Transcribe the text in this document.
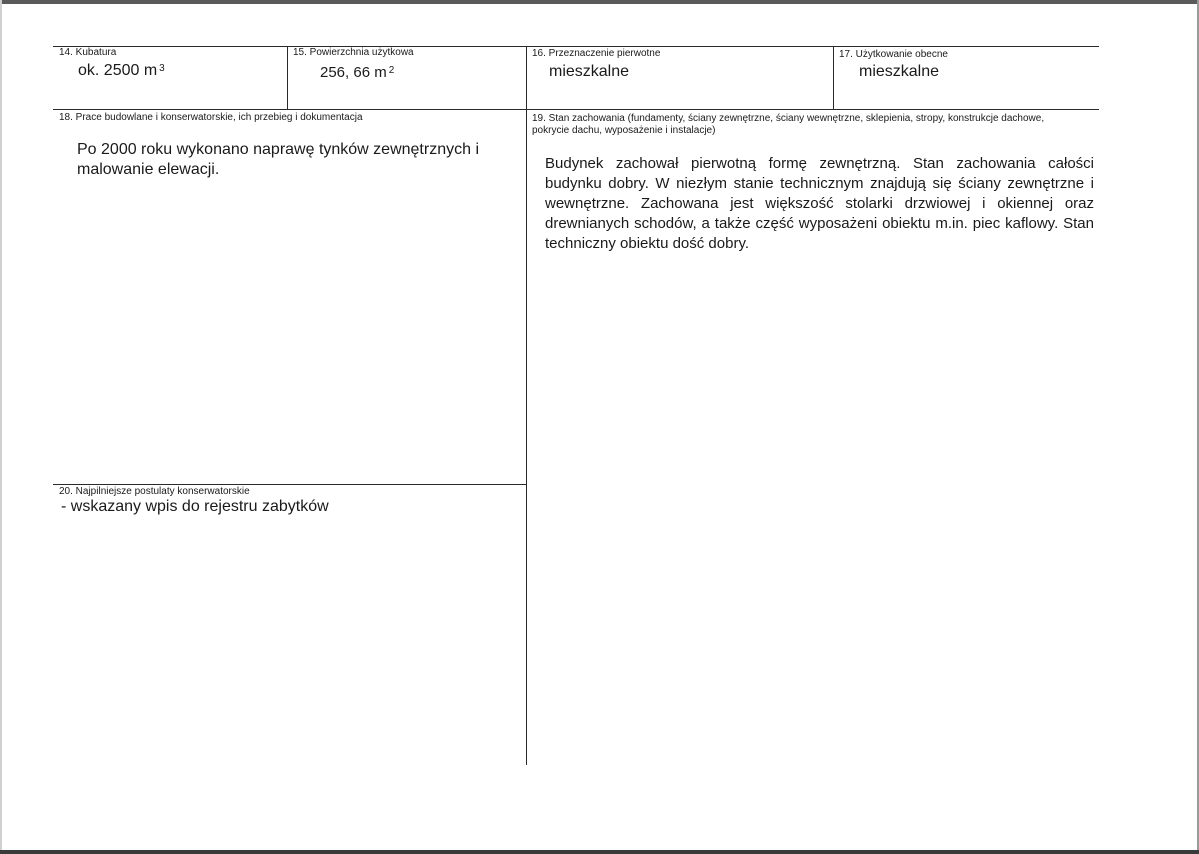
14. Kubatura
ok. 2500 m $^3$
15. Powierzchnia użytkowa
256, 66 m $^2$
16. Przeznaczenie pierwotne
mieszkalne
17. Użytkowanie obecne
mieszkalne
18. Prace budowlane i konserwatorskie, ich przebieg i dokumentacja
Po 2000 roku wykonano naprawę tynków zewnętrznych i malowanie elewacji.
19. Stan zachowania (fundamenty, ściany zewnętrzne, ściany wewnętrzne, sklepienia, stropy, konstrukcje dachowe, pokrycie dachu, wyposażenie i instalacje)
Budynek zachował pierwotną formę zewnętrzną. Stan zachowania całości budynku dobry. W niezłym stanie technicznym znajdują się ściany zewnętrzne i wewnętrzne. Zachowana jest większość stolarki drzwiowej i okiennej oraz drewnianych schodów, a także część wyposażeni obiektu m.in. piec kaflowy. Stan techniczny obiektu dość dobry.
20. Najpilniejsze postulaty konserwatorskie
- wskazany wpis do rejestru zabytków
